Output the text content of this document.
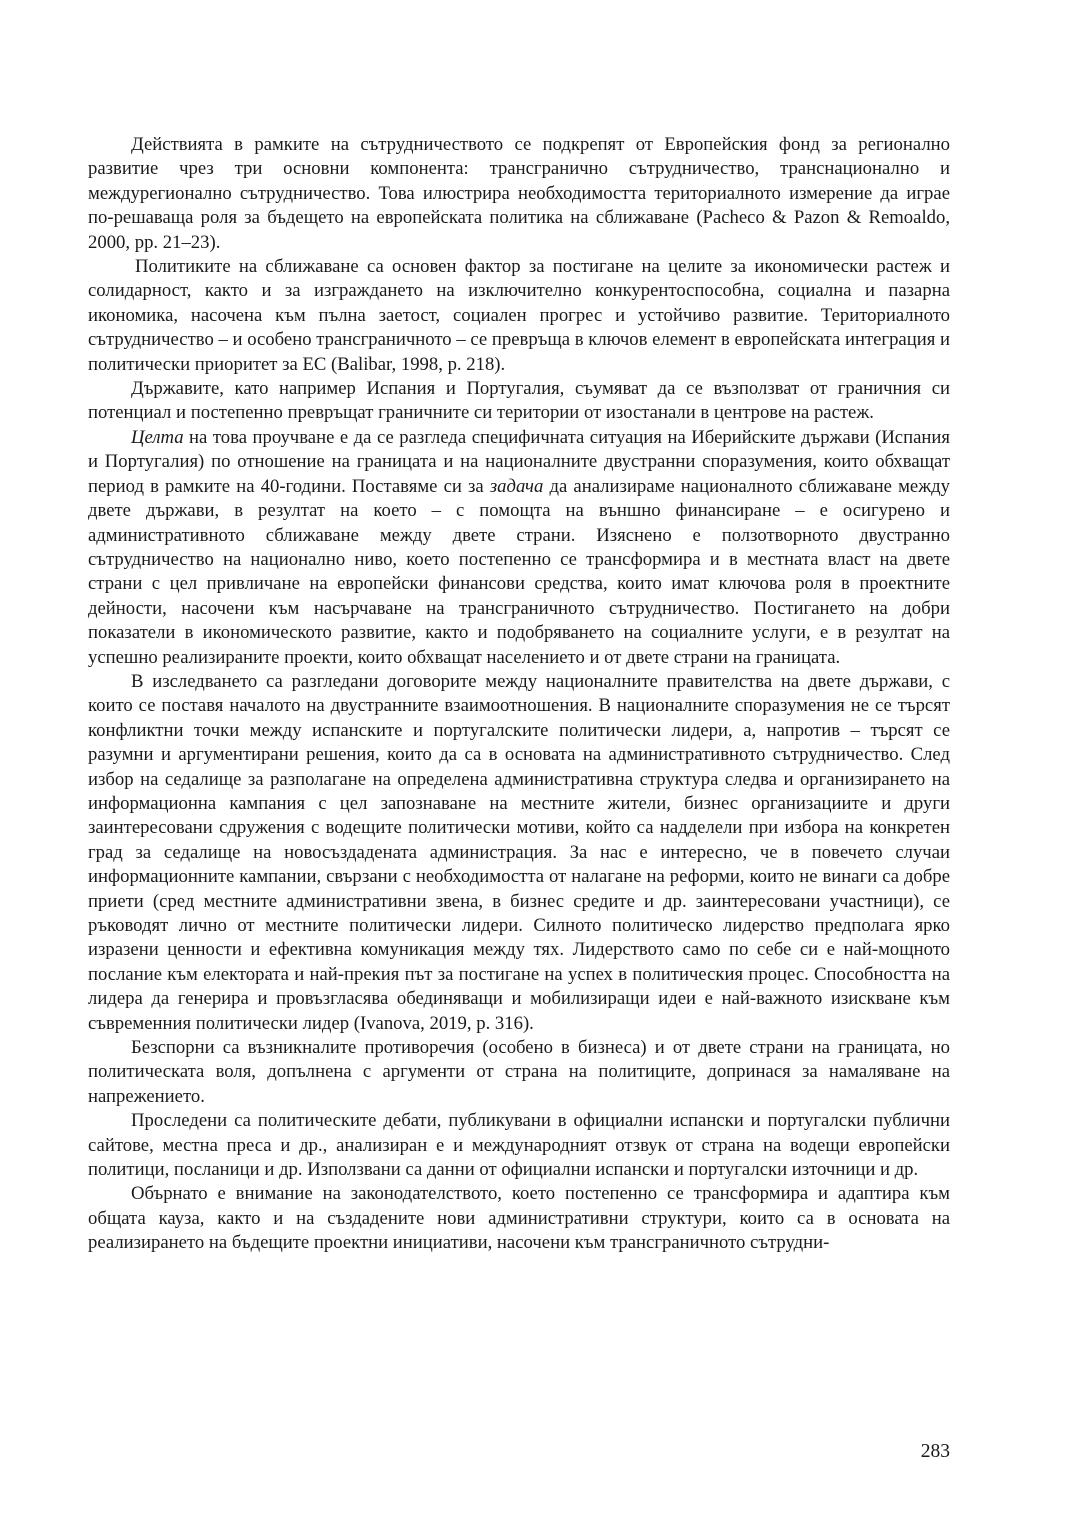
Действията в рамките на сътрудничеството се подкрепят от Европейския фонд за регионално развитие чрез три основни компонента: трансгранично сътрудничество, транснационално и междурегионално сътрудничество. Това илюстрира необходимостта териториалното измерение да играе по-решаваща роля за бъдещето на европейската политика на сближаване (Pacheco & Pazon & Remoaldo, 2000, pp. 21–23).

Политиките на сближаване са основен фактор за постигане на целите за икономически растеж и солидарност, както и за изграждането на изключително конкурентоспособна, социална и пазарна икономика, насочена към пълна заетост, социален прогрес и устойчиво развитие. Териториалното сътрудничество – и особено трансграничното – се превръща в ключов елемент в европейската интеграция и политически приоритет за ЕС (Balibar, 1998, p. 218).

Държавите, като например Испания и Португалия, съумяват да се възползват от граничния си потенциал и постепенно превръщат граничните си територии от изостанали в центрове на растеж.

Целта на това проучване е да се разгледа специфичната ситуация на Иберийските държави (Испания и Португалия) по отношение на границата и на националните двустранни споразумения, които обхващат период в рамките на 40-години. Поставяме си за задача да анализираме националното сближаване между двете държави, в резултат на което – с помощта на външно финансиране – е осигурено и административното сближаване между двете страни. Изяснено е ползотворното двустранно сътрудничество на национално ниво, което постепенно се трансформира и в местната власт на двете страни с цел привличане на европейски финансови средства, които имат ключова роля в проектните дейности, насочени към насърчаване на трансграничното сътрудничество. Постигането на добри показатели в икономическото развитие, както и подобряването на социалните услуги, е в резултат на успешно реализираните проекти, които обхващат населението и от двете страни на границата.

В изследването са разгледани договорите между националните правителства на двете държави, с които се поставя началото на двустранните взаимоотношения. В националните споразумения не се търсят конфликтни точки между испанските и португалските политически лидери, а, напротив – търсят се разумни и аргументирани решения, които да са в основата на административното сътрудничество. След избор на седалище за разполагане на определена административна структура следва и организирането на информационна кампания с цел запознаване на местните жители, бизнес организациите и други заинтересовани сдружения с водещите политически мотиви, който са надделели при избора на конкретен град за седалище на новосъздадената администрация. За нас е интересно, че в повечето случаи информационните кампании, свързани с необходимостта от налагане на реформи, които не винаги са добре приети (сред местните административни звена, в бизнес средите и др. заинтересовани участници), се ръководят лично от местните политически лидери. Силното политическо лидерство предполага ярко изразени ценности и ефективна комуникация между тях. Лидерството само по себе си е най-мощното послание към електората и най-прекия път за постигане на успех в политическия процес. Способността на лидера да генерира и провъзгласява обединяващи и мобилизиращи идеи е най-важното изискване към съвременния политически лидер (Ivanova, 2019, p. 316).

Безспорни са възникналите противоречия (особено в бизнеса) и от двете страни на границата, но политическата воля, допълнена с аргументи от страна на политиците, допринася за намаляване на напрежението.

Проследени са политическите дебати, публикувани в официални испански и португалски публични сайтове, местна преса и др., анализиран е и международният отзвук от страна на водещи европейски политици, посланици и др. Използвани са данни от официални испански и португалски източници и др.

Обърнато е внимание на законодателството, което постепенно се трансформира и адаптира към общата кауза, както и на създадените нови административни структури, които са в основата на реализирането на бъдещите проектни инициативи, насочени към трансграничното сътрудни-

283
